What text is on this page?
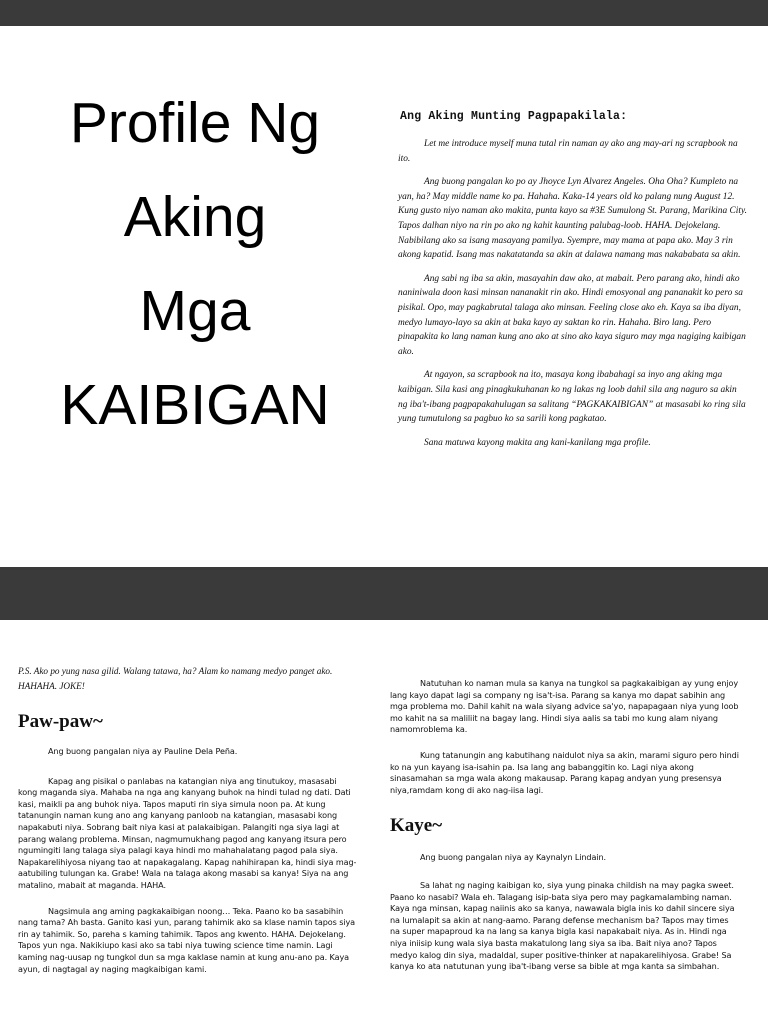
Profile Ng
Aking
Mga
KAIBIGAN
Ang Aking Munting Pagpapakilala:

Let me introduce myself muna tutal rin naman ay ako ang may-ari ng scrapbook na ito.

Ang buong pangalan ko po ay Jhoyce Lyn Alvarez Angeles. Oha Oha? Kumpleto na yan, ha? May middle name ko pa. Hahaha. Kaka-14 years old ko palang nung August 12. Kung gusto niyo naman ako makita, punta kayo sa #3E Sumulong St. Parang, Marikina City. Tapos dalhan niyo na rin po ako ng kahit kaunting palubag-loob. HAHA. Dejokelang. Nabibilang ako sa isang masayang pamilya. Syempre, may mama at papa ako. May 3 rin akong kapatid. Isang mas nakatatanda sa akin at dalawa namang mas nakababata sa akin.

Ang sabi ng iba sa akin, masayahin daw ako, at mabait. Pero parang ako, hindi ako naniniwala doon kasi minsan nananakit rin ako. Hindi emosyonal ang pananakit ko pero sa pisikal. Opo, may pagkabrutal talaga ako minsan. Feeling close ako eh. Kaya sa iba diyan, medyo lumayo-layo sa akin at baka kayo ay saktan ko rin. Hahaha. Biro lang. Pero pinapakita ko lang naman kung ano ako at sino ako kaya siguro may mga nagiging kaibigan ako.

At ngayon, sa scrapbook na ito, masaya kong ibabahagi sa inyo ang aking mga kaibigan. Sila kasi ang pinagkukuhanan ko ng lakas ng loob dahil sila ang naguro sa akin ng iba't-ibang pagpapakahulugan sa salitang “PAGKAKAIBIGAN” at masasabi ko ring sila yung tumutulong sa pagbuo ko sa sarili kong pagkatao.

Sana matuwa kayong makita ang kani-kanilang mga profile.

P.S. Ako po yung nasa gilid. Walang tatawa, ha? Alam ko namang medyo panget ako. HAHAHA. JOKE!

Paw-paw~

Ang buong pangalan niya ay Pauline Dela Peña.

Kapag ang pisikal o panlabas na katangian niya ang tinutukoy, masasabi kong maganda siya. Mahaba na nga ang kanyang buhok na hindi tulad ng dati. Dati kasi, maikli pa ang buhok niya. Tapos maputi rin siya simula noon pa. At kung tatanungin naman kung ano ang kanyang panloob na katangian, masasabi kong napakabuti niya. Sobrang bait niya kasi at palakaibigan. Palangiti nga siya lagi at parang walang problema. Minsan, nagmumukhang pagod ang kanyang itsura pero ngumingiti lang talaga siya palagi kaya hindi mo mahahalatang pagod pala siya. Napakarelihiyosa niyang tao at napakagalang. Kapag nahihirapan ka, hindi siya mag-aatubiling tulungan ka. Grabe! Wala na talaga akong masabi sa kanya! Siya na ang matalino, mabait at maganda. HAHA.

Nagsimula ang aming pagkakaibigan noong… Teka. Paano ko ba sasabihin nang tama? Ah basta. Ganito kasi yun, parang tahimik ako sa klase namin tapos siya rin ay tahimik. So, pareha s kaming tahimik. Tapos ang kwento. HAHA. Dejokelang. Tapos yun nga. Nakikiupo kasi ako sa tabi niya tuwing science time namin. Lagi kaming nag-uusap ng tungkol dun sa mga kaklase namin at kung anu-ano pa. Kaya ayun, di nagtagal ay naging magkaibigan kami.

Natutuhan ko naman mula sa kanya na tungkol sa pagkakaibigan ay yung enjoy lang kayo dapat lagi sa company ng isa't-isa. Parang sa kanya mo dapat sabihin ang mga problema mo. Dahil kahit na wala siyang advice sa'yo, napapagaan niya yung loob mo kahit na sa maliliit na bagay lang. Hindi siya aalis sa tabi mo kung alam niyang namomroblema ka.

Kung tatanungin ang kabutihang naidulot niya sa akin, marami siguro pero hindi ko na yun kayang isa-isahin pa. Isa lang ang babanggitin ko. Lagi niya akong sinasamahan sa mga wala akong makausap. Parang kapag andyan yung presensya niya,ramdam kong di ako nag-iisa lagi.

Kaye~

Ang buong pangalan niya ay Kaynalyn Lindain.

Sa lahat ng naging kaibigan ko, siya yung pinaka childish na may pagka sweet. Paano ko nasabi? Wala eh. Talagang isip-bata siya pero may pagkamalambing naman. Kaya nga minsan, kapag naiinis ako sa kanya, nawawala bigla inis ko dahil sincere siya na lumalapit sa akin at nang-aamo. Parang defense mechanism ba? Tapos may times na super mapaproud ka na lang sa kanya bigla kasi napakabait niya. As in. Hindi nga niya iniisip kung wala siya basta makatulong lang siya sa iba. Bait niya ano? Tapos medyo kalog din siya, madaldal, super positive-thinker at napakarelihiyosa. Grabe! Sa kanya ko ata natutunan yung iba't-ibang verse sa bible at mga kanta sa simbahan.
